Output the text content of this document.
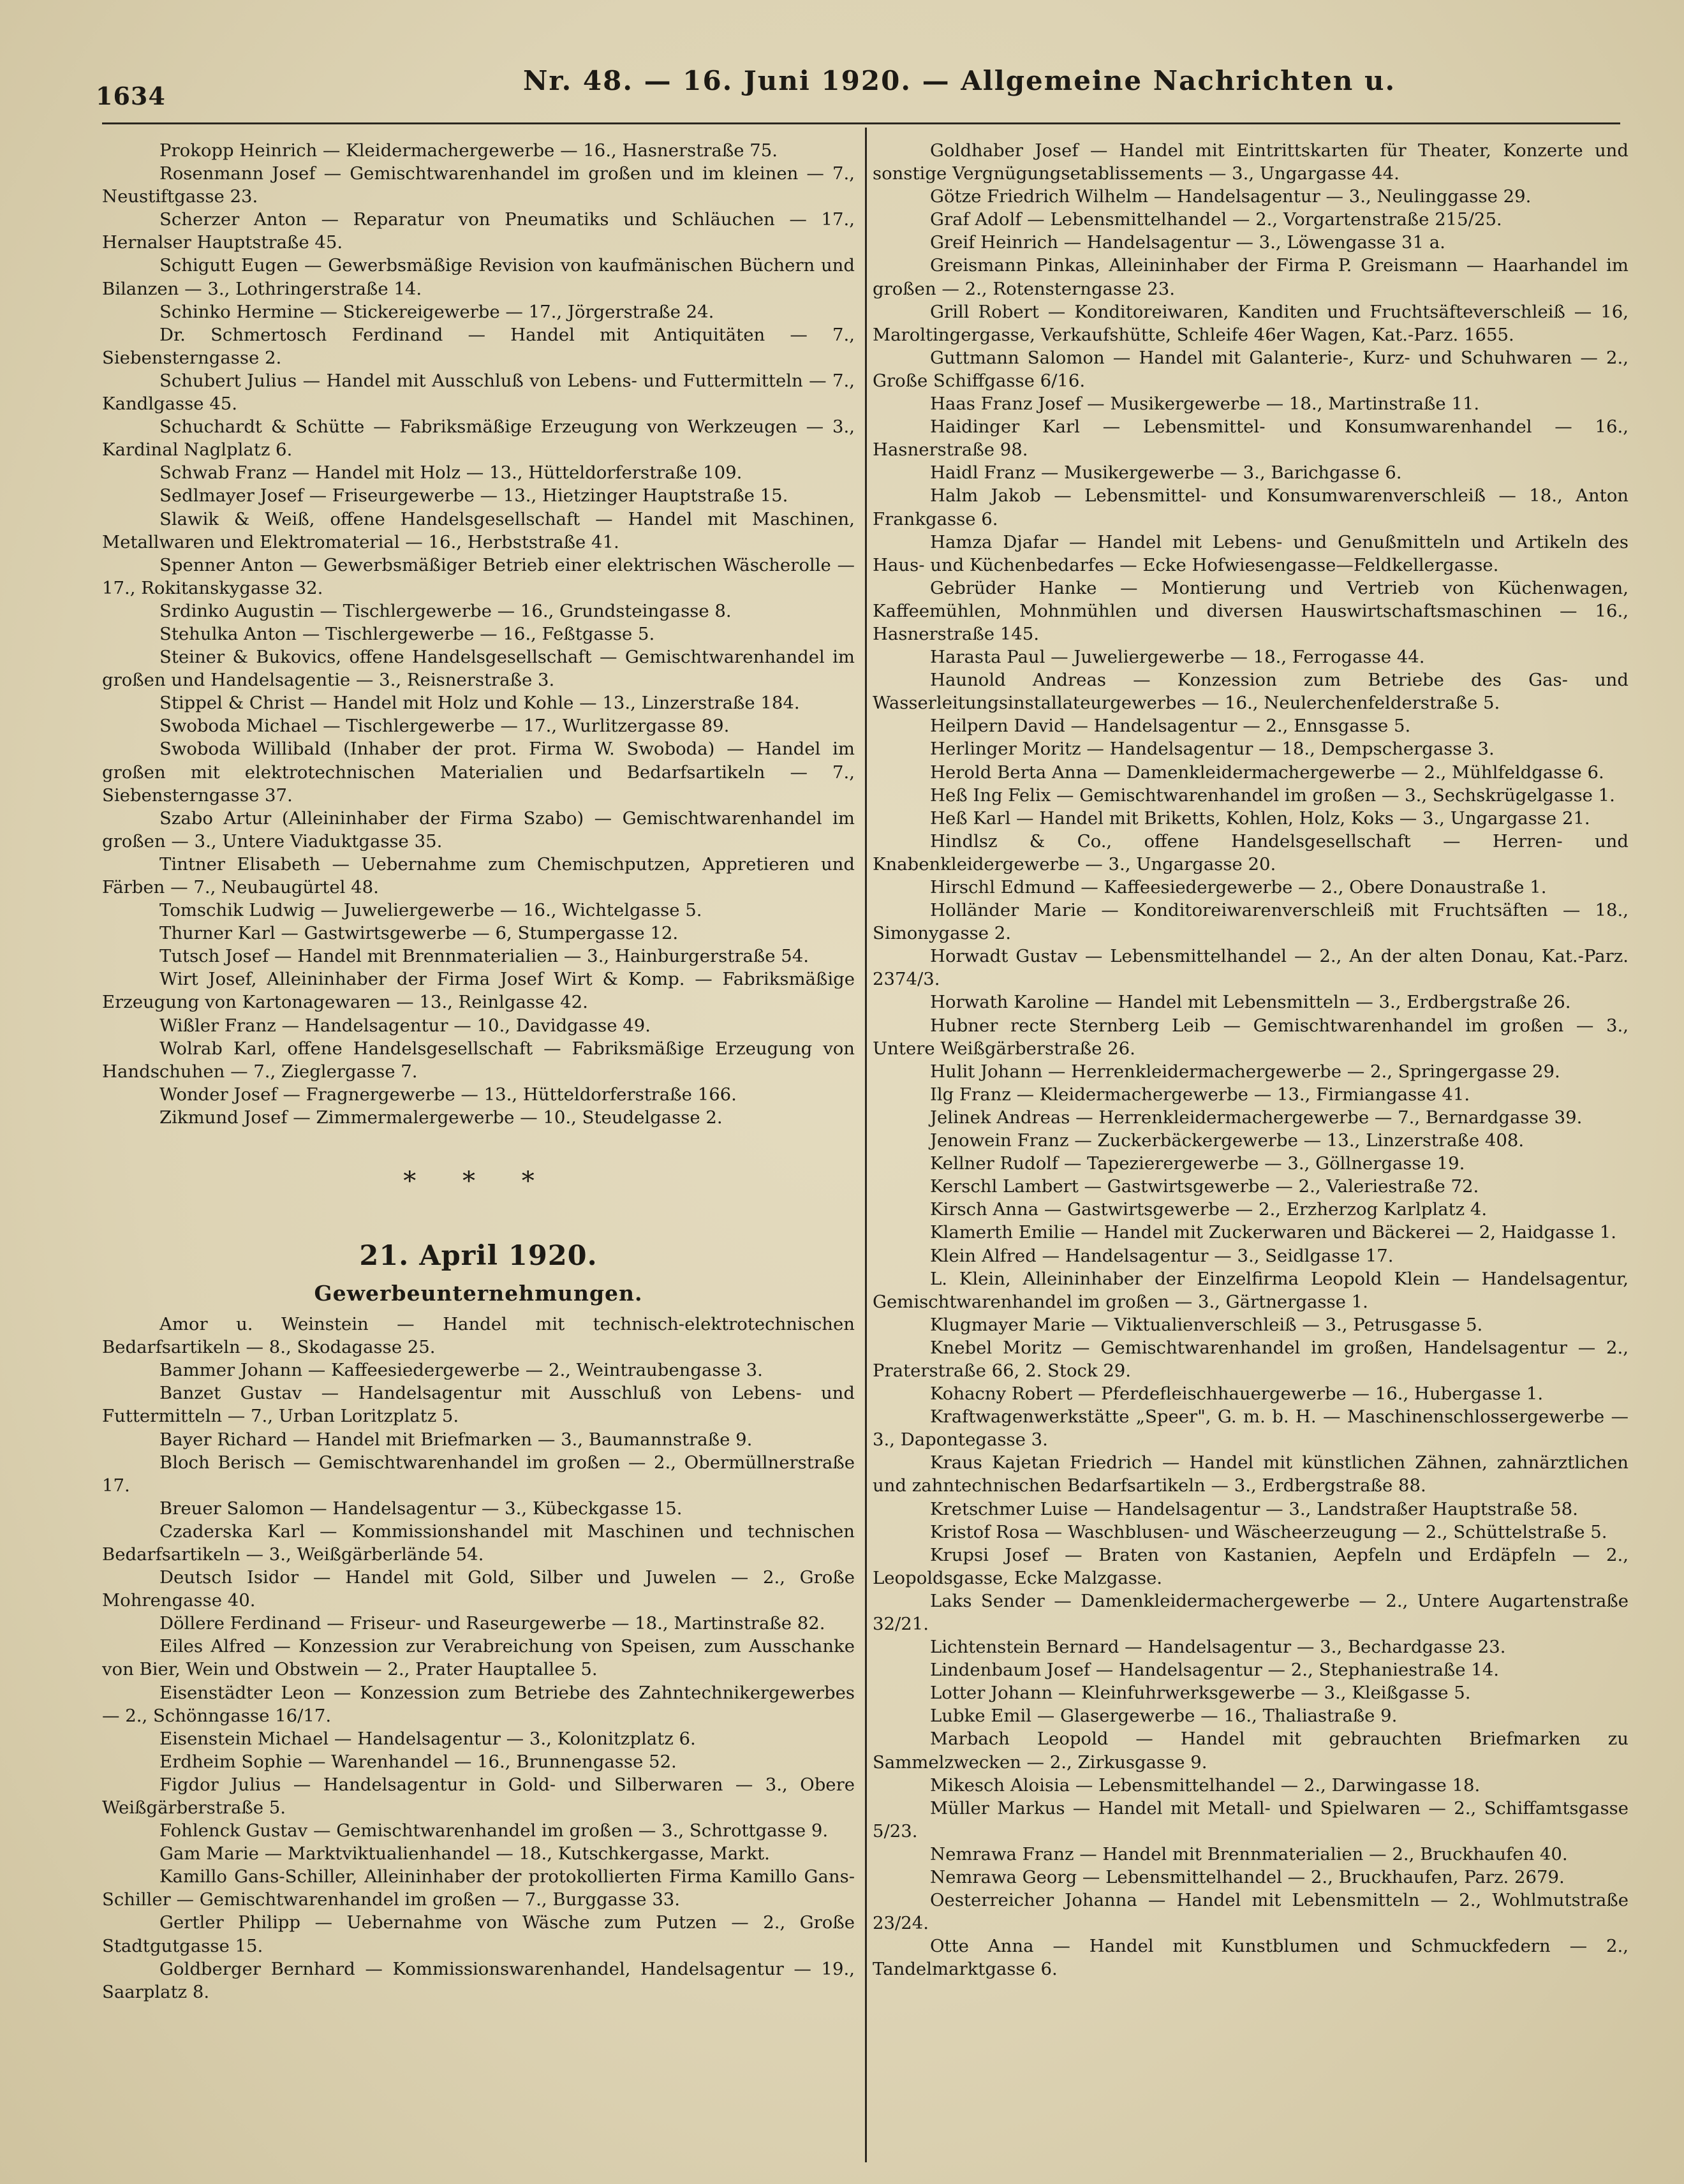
1634	Nr. 48. — 16. Juni 1920. — Allgemeine Nachrichten u.

Prokopp Heinrich — Kleidermachergewerbe — 16., Hasnerstraße 75.

Rosenmann Josef — Gemischtwarenhandel im großen und im kleinen — 7., Neustiftgasse 23.

Scherzer Anton — Reparatur von Pneumatiks und Schläuchen — 17., Hernalser Hauptstraße 45.

Schigutt Eugen — Gewerbsmäßige Revision von kaufmänischen Büchern und Bilanzen — 3., Lothringerstraße 14.

Schinko Hermine — Stickereigewerbe — 17., Jörgerstraße 24.

Dr. Schmertosch Ferdinand — Handel mit Antiquitäten — 7., Siebensterngasse 2.

Schubert Julius — Handel mit Ausschluß von Lebens- und Futtermitteln — 7., Kandlgasse 45.

Schuchardt & Schütte — Fabriksmäßige Erzeugung von Werkzeugen — 3., Kardinal Naglplatz 6.

Schwab Franz — Handel mit Holz — 13., Hütteldorferstraße 109.

Sedlmayer Josef — Friseurgewerbe — 13., Hietzinger Hauptstraße 15.

Slawik & Weiß, offene Handelsgesellschaft — Handel mit Maschinen, Metallwaren und Elektromaterial — 16., Herbststraße 41.

Spenner Anton — Gewerbsmäßiger Betrieb einer elektrischen Wäscherolle — 17., Rokitanskygasse 32.

Srdinko Augustin — Tischlergewerbe — 16., Grundsteingasse 8.

Stehulka Anton — Tischlergewerbe — 16., Feßtgasse 5.

Steiner & Bukovics, offene Handelsgesellschaft — Gemischtwarenhandel im großen und Handelsagentie — 3., Reisnerstraße 3.

Stippel & Christ — Handel mit Holz und Kohle — 13., Linzerstraße 184.

Swoboda Michael — Tischlergewerbe — 17., Wurlitzergasse 89.

Swoboda Willibald (Inhaber der prot. Firma W. Swoboda) — Handel im großen mit elektrotechnischen Materialien und Bedarfsartikeln — 7., Siebensterngasse 37.

Szabo Artur (Alleininhaber der Firma Szabo) — Gemischtwarenhandel im großen — 3., Untere Viaduktgasse 35.

Tintner Elisabeth — Uebernahme zum Chemischputzen, Appretieren und Färben — 7., Neubaugürtel 48.

Tomschik Ludwig — Juweliergewerbe — 16., Wichtelgasse 5.

Thurner Karl — Gastwirtsgewerbe — 6, Stumpergasse 12.

Tutsch Josef — Handel mit Brennmaterialien — 3., Hainburgerstraße 54.

Wirt Josef, Alleininhaber der Firma Josef Wirt & Komp. — Fabriksmäßige Erzeugung von Kartonagewaren — 13., Reinlgasse 42.

Wißler Franz — Handelsagentur — 10., Davidgasse 49.

Wolrab Karl, offene Handelsgesellschaft — Fabriksmäßige Erzeugung von Handschuhen — 7., Zieglergasse 7.

Wonder Josef — Fragnergewerbe — 13., Hütteldorferstraße 166.

Zikmund Josef — Zimmermalergewerbe — 10., Steudelgasse 2.

* * *
21. April 1920.
Gewerbeunternehmungen.

Amor u. Weinstein — Handel mit technisch-elektrotechnischen Bedarfsartikeln — 8., Skodagasse 25.

Bammer Johann — Kaffeesiedergewerbe — 2., Weintraubengasse 3.

Banzet Gustav — Handelsagentur mit Ausschluß von Lebens- und Futtermitteln — 7., Urban Loritzplatz 5.

Bayer Richard — Handel mit Briefmarken — 3., Baumannstraße 9.

Bloch Berisch — Gemischtwarenhandel im großen — 2., Obermüllnerstraße 17.

Breuer Salomon — Handelsagentur — 3., Kübeckgasse 15.

Czaderska Karl — Kommissionshandel mit Maschinen und technischen Bedarfsartikeln — 3., Weißgärberlände 54.

Deutsch Isidor — Handel mit Gold, Silber und Juwelen — 2., Große Mohrengasse 40.

Döllere Ferdinand — Friseur- und Raseurgewerbe — 18., Martinstraße 82.

Eiles Alfred — Konzession zur Verabreichung von Speisen, zum Ausschanke von Bier, Wein und Obstwein — 2., Prater Hauptallee 5.

Eisenstädter Leon — Konzession zum Betriebe des Zahntechnikergewerbes — 2., Schönngasse 16/17.

Eisenstein Michael — Handelsagentur — 3., Kolonitzplatz 6.

Erdheim Sophie — Warenhandel — 16., Brunnengasse 52.

Figdor Julius — Handelsagentur in Gold- und Silberwaren — 3., Obere Weißgärberstraße 5.

Fohlenck Gustav — Gemischtwarenhandel im großen — 3., Schrottgasse 9.

Gam Marie — Marktviktualienhandel — 18., Kutschkergasse, Markt.

Kamillo Gans-Schiller, Alleininhaber der protokollierten Firma Kamillo Gans-Schiller — Gemischtwarenhandel im großen — 7., Burggasse 33.

Gertler Philipp — Uebernahme von Wäsche zum Putzen — 2., Große Stadtgutgasse 15.

Goldberger Bernhard — Kommissionswarenhandel, Handelsagentur — 19., Saarplatz 8.

Goldhaber Josef — Handel mit Eintrittskarten für Theater, Konzerte und sonstige Vergnügungsetablissements — 3., Ungargasse 44.

Götze Friedrich Wilhelm — Handelsagentur — 3., Neulinggasse 29.

Graf Adolf — Lebensmittelhandel — 2., Vorgartenstraße 215/25.

Greif Heinrich — Handelsagentur — 3., Löwengasse 31 a.

Greismann Pinkas, Alleininhaber der Firma P. Greismann — Haarhandel im großen — 2., Rotensterngasse 23.

Grill Robert — Konditoreiwaren, Kanditen und Fruchtsäfteverschleiß — 16, Maroltingergasse, Verkaufshütte, Schleife 46er Wagen, Kat.-Parz. 1655.

Guttmann Salomon — Handel mit Galanterie-, Kurz- und Schuhwaren — 2., Große Schiffgasse 6/16.

Haas Franz Josef — Musikergewerbe — 18., Martinstraße 11.

Haidinger Karl — Lebensmittel- und Konsumwarenhandel — 16., Hasnerstraße 98.

Haidl Franz — Musikergewerbe — 3., Barichgasse 6.

Halm Jakob — Lebensmittel- und Konsumwarenverschleiß — 18., Anton Frankgasse 6.

Hamza Djafar — Handel mit Lebens- und Genußmitteln und Artikeln des Haus- und Küchenbedarfes — Ecke Hofwiesengasse—Feldkellergasse.

Gebrüder Hanke — Montierung und Vertrieb von Küchenwagen, Kaffeemühlen, Mohnmühlen und diversen Hauswirtschaftsmaschinen — 16., Hasnerstraße 145.

Harasta Paul — Juweliergewerbe — 18., Ferrogasse 44.

Haunold Andreas — Konzession zum Betriebe des Gas- und Wasserleitungsinstallateurgewerbes — 16., Neulerchenfelderstraße 5.

Heilpern David — Handelsagentur — 2., Ennsgasse 5.

Herlinger Moritz — Handelsagentur — 18., Dempschergasse 3.

Herold Berta Anna — Damenkleidermachergewerbe — 2., Mühlfeldgasse 6.

Heß Ing Felix — Gemischtwarenhandel im großen — 3., Sechskrügelgasse 1.

Heß Karl — Handel mit Briketts, Kohlen, Holz, Koks — 3., Ungargasse 21.

Hindlsz & Co., offene Handelsgesellschaft — Herren- und Knabenkleidergewerbe — 3., Ungargasse 20.

Hirschl Edmund — Kaffeesiedergewerbe — 2., Obere Donaustraße 1.

Holländer Marie — Konditoreiwarenverschleiß mit Fruchtsäften — 18., Simonygasse 2.

Horwadt Gustav — Lebensmittelhandel — 2., An der alten Donau, Kat.-Parz. 2374/3.

Horwath Karoline — Handel mit Lebensmitteln — 3., Erdbergstraße 26.

Hubner recte Sternberg Leib — Gemischtwarenhandel im großen — 3., Untere Weißgärberstraße 26.

Hulit Johann — Herrenkleidermachergewerbe — 2., Springergasse 29.

Ilg Franz — Kleidermachergewerbe — 13., Firmiangasse 41.

Jelinek Andreas — Herrenkleidermachergewerbe — 7., Bernardgasse 39.

Jenowein Franz — Zuckerbäckergewerbe — 13., Linzerstraße 408.

Kellner Rudolf — Tapezierergewerbe — 3., Göllnergasse 19.

Kerschl Lambert — Gastwirtsgewerbe — 2., Valeriestraße 72.

Kirsch Anna — Gastwirtsgewerbe — 2., Erzherzog Karlplatz 4.

Klamerth Emilie — Handel mit Zuckerwaren und Bäckerei — 2, Haidgasse 1.

Klein Alfred — Handelsagentur — 3., Seidlgasse 17.

L. Klein, Alleininhaber der Einzelfirma Leopold Klein — Handelsagentur, Gemischtwarenhandel im großen — 3., Gärtnergasse 1.

Klugmayer Marie — Viktualienverschleiß — 3., Petrusgasse 5.

Knebel Moritz — Gemischtwarenhandel im großen, Handelsagentur — 2., Praterstraße 66, 2. Stock 29.

Kohacny Robert — Pferdefleischhauergewerbe — 16., Hubergasse 1.

Kraftwagenwerkstätte „Speer", G. m. b. H. — Maschinenschlossergewerbe — 3., Dapontegasse 3.

Kraus Kajetan Friedrich — Handel mit künstlichen Zähnen, zahnärztlichen und zahntechnischen Bedarfsartikeln — 3., Erdbergstraße 88.

Kretschmer Luise — Handelsagentur — 3., Landstraßer Hauptstraße 58.

Kristof Rosa — Waschblusen- und Wäscheerzeugung — 2., Schüttelstraße 5.

Krupsi Josef — Braten von Kastanien, Aepfeln und Erdäpfeln — 2., Leopoldsgasse, Ecke Malzgasse.

Laks Sender — Damenkleidermachergewerbe — 2., Untere Augartenstraße 32/21.

Lichtenstein Bernard — Handelsagentur — 3., Bechardgasse 23.

Lindenbaum Josef — Handelsagentur — 2., Stephaniestraße 14.

Lotter Johann — Kleinfuhrwerksgewerbe — 3., Kleißgasse 5.

Lubke Emil — Glasergewerbe — 16., Thaliastraße 9.

Marbach Leopold — Handel mit gebrauchten Briefmarken zu Sammelzwecken — 2., Zirkusgasse 9.

Mikesch Aloisia — Lebensmittelhandel — 2., Darwingasse 18.

Müller Markus — Handel mit Metall- und Spielwaren — 2., Schiffamtsgasse 5/23.

Nemrawa Franz — Handel mit Brennmaterialien — 2., Bruckhaufen 40.

Nemrawa Georg — Lebensmittelhandel — 2., Bruckhaufen, Parz. 2679.

Oesterreicher Johanna — Handel mit Lebensmitteln — 2., Wohlmutstraße 23/24.

Otte Anna — Handel mit Kunstblumen und Schmuckfedern — 2., Tandelmarktgasse 6.
